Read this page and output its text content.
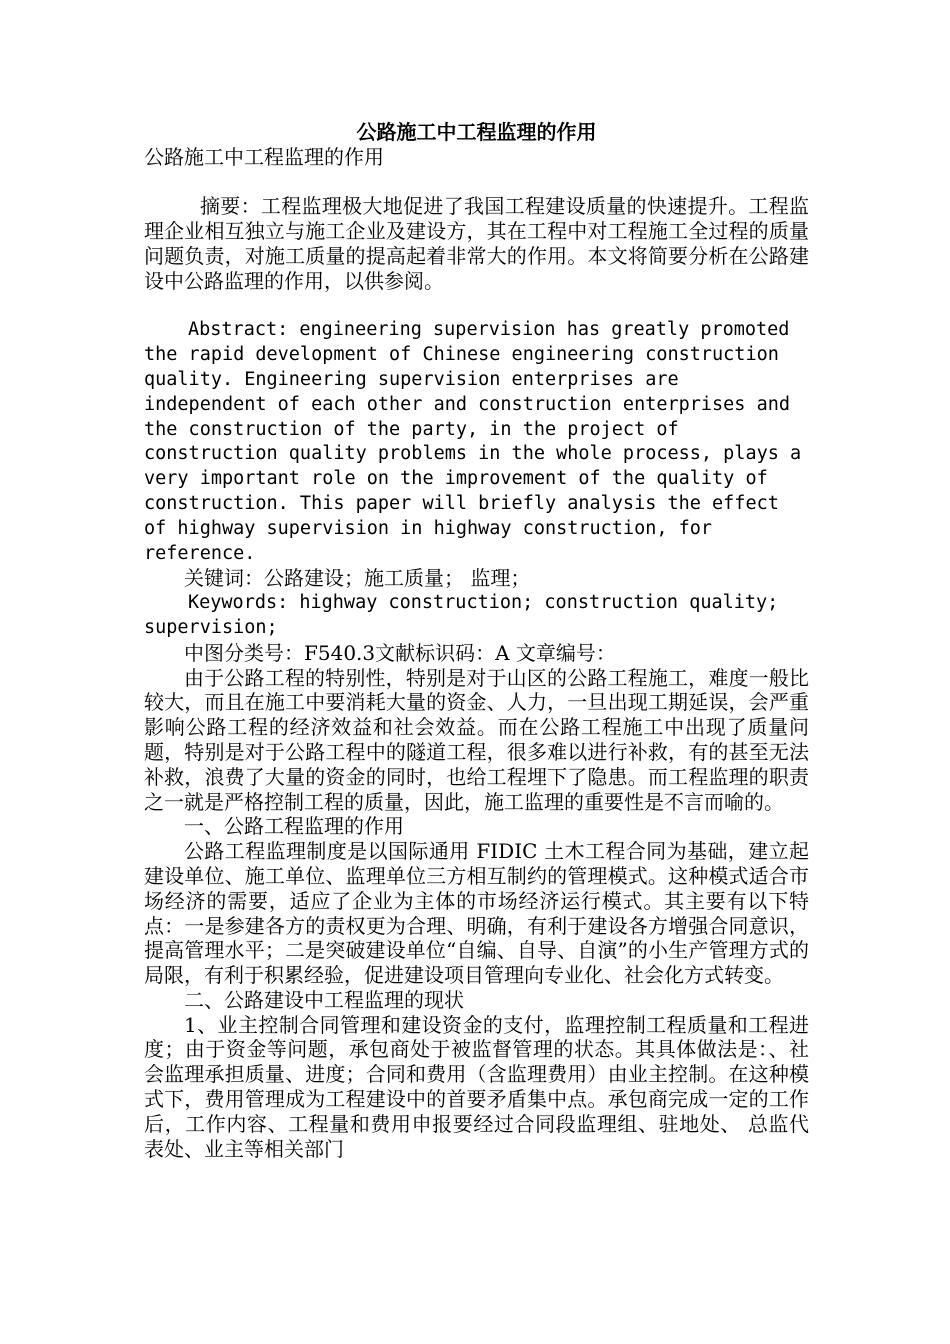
公路施工中工程监理的作用
公路施工中工程监理的作用

摘要：工程监理极大地促进了我国工程建设质量的快速提升。工程监理企业相互独立与施工企业及建设方，其在工程中对工程施工全过程的质量问题负责，对施工质量的提高起着非常大的作用。本文将简要分析在公路建设中公路监理的作用，以供参阅。

Abstract: engineering supervision has greatly promoted the rapid development of Chinese engineering construction quality. Engineering supervision enterprises are independent of each other and construction enterprises and the construction of the party, in the project of construction quality problems in the whole process, plays a very important role on the improvement of the quality of construction. This paper will briefly analysis the effect of highway supervision in highway construction, for reference.

关键词：公路建设；施工质量； 监理；

Keywords: highway construction; construction quality; supervision;

中图分类号：F540.3文献标识码：A 文章编号：

由于公路工程的特别性，特别是对于山区的公路工程施工，难度一般比较大，而且在施工中要消耗大量的资金、人力，一旦出现工期延误，会严重影响公路工程的经济效益和社会效益。而在公路工程施工中出现了质量问题，特别是对于公路工程中的隧道工程，很多难以进行补救，有的甚至无法补救，浪费了大量的资金的同时，也给工程埋下了隐患。而工程监理的职责之一就是严格控制工程的质量，因此，施工监理的重要性是不言而喻的。

一、公路工程监理的作用

公路工程监理制度是以国际通用 FIDIC 土木工程合同为基础，建立起建设单位、施工单位、监理单位三方相互制约的管理模式。这种模式适合市场经济的需要，适应了企业为主体的市场经济运行模式。其主要有以下特点：一是参建各方的责权更为合理、明确，有利于建设各方增强合同意识，提高管理水平；二是突破建设单位“自编、自导、自演”的小生产管理方式的局限，有利于积累经验，促进建设项目管理向专业化、社会化方式转变。

二、公路建设中工程监理的现状

1、业主控制合同管理和建设资金的支付，监理控制工程质量和工程进度；由于资金等问题，承包商处于被监督管理的状态。其具体做法是：、社会监理承担质量、进度；合同和费用（含监理费用）由业主控制。在这种模式下，费用管理成为工程建设中的首要矛盾集中点。承包商完成一定的工作后，工作内容、工程量和费用申报要经过合同段监理组、驻地处、 总监代表处、业主等相关部门
